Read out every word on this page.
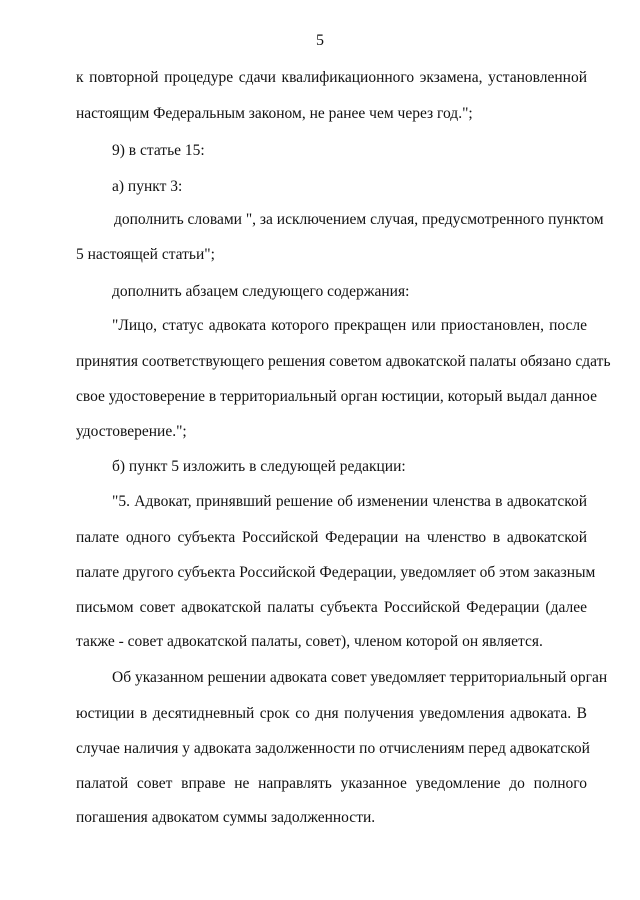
5
к повторной процедуре сдачи квалификационного экзамена, установленной
настоящим Федеральным законом, не ранее чем через год.";
9) в статье 15:
а) пункт 3:
дополнить словами ", за исключением случая, предусмотренного пунктом
5 настоящей статьи";
дополнить абзацем следующего содержания:
"Лицо, статус адвоката которого прекращен или приостановлен, после
принятия соответствующего решения советом адвокатской палаты обязано сдать
свое удостоверение в территориальный орган юстиции, который выдал данное
удостоверение.";
б) пункт 5 изложить в следующей редакции:
"5. Адвокат, принявший решение об изменении членства в адвокатской
палате одного субъекта Российской Федерации на членство в адвокатской
палате другого субъекта Российской Федерации, уведомляет об этом заказным
письмом совет адвокатской палаты субъекта Российской Федерации (далее
также - совет адвокатской палаты, совет), членом которой он является.
Об указанном решении адвоката совет уведомляет территориальный орган
юстиции в десятидневный срок со дня получения уведомления адвоката. В
случае наличия у адвоката задолженности по отчислениям перед адвокатской
палатой совет вправе не направлять указанное уведомление до полного
погашения адвокатом суммы задолженности.
